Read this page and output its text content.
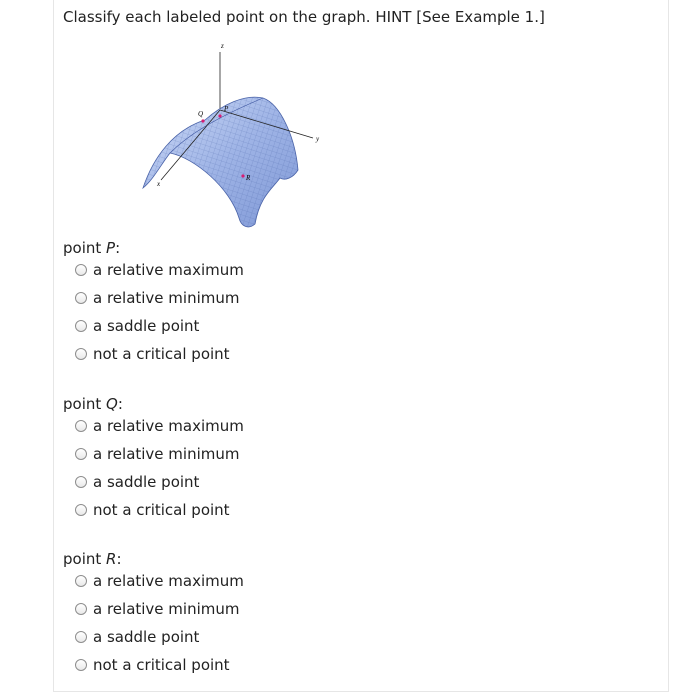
Classify each labeled point on the graph. HINT [See Example 1.]
z
y
x
P
Q
R
point P:
a relative maximum
a relative minimum
a saddle point
not a critical point
point Q:
a relative maximum
a relative minimum
a saddle point
not a critical point
point R:
a relative maximum
a relative minimum
a saddle point
not a critical point
